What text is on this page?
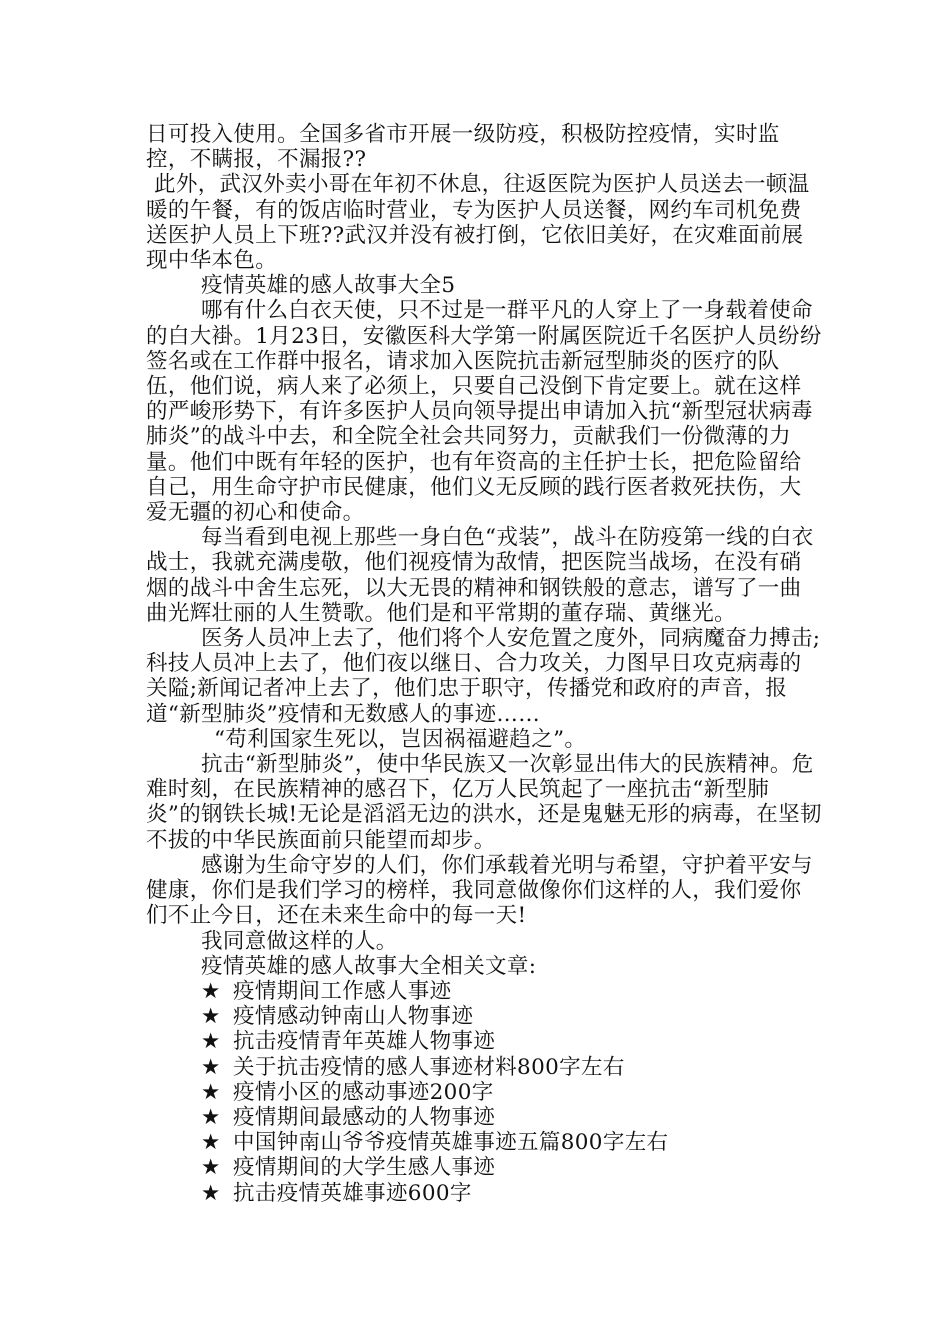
日可投入使用。全国多省市开展一级防疫，积极防控疫情，实时监控，不瞒报，不漏报??

此外，武汉外卖小哥在年初不休息，往返医院为医护人员送去一顿温暖的午餐，有的饭店临时营业，专为医护人员送餐，网约车司机免费送医护人员上下班??武汉并没有被打倒，它依旧美好，在灾难面前展现中华本色。

疫情英雄的感人故事大全5

哪有什么白衣天使，只不过是一群平凡的人穿上了一身载着使命的白大褂。1月23日，安徽医科大学第一附属医院近千名医护人员纷纷签名或在工作群中报名，请求加入医院抗击新冠型肺炎的医疗的队伍，他们说，病人来了必须上，只要自己没倒下肯定要上。就在这样的严峻形势下，有许多医护人员向领导提出申请加入抗“新型冠状病毒肺炎”的战斗中去，和全院全社会共同努力，贡献我们一份微薄的力量。他们中既有年轻的医护，也有年资高的主任护士长，把危险留给自己，用生命守护市民健康，他们义无反顾的践行医者救死扶伤，大爱无疆的初心和使命。

每当看到电视上那些一身白色“戎装”，战斗在防疫第一线的白衣战士，我就充满虔敬，他们视疫情为敌情，把医院当战场，在没有硝烟的战斗中舍生忘死，以大无畏的精神和钢铁般的意志，谱写了一曲曲光辉壮丽的人生赞歌。他们是和平常期的董存瑞、黄继光。

医务人员冲上去了，他们将个人安危置之度外，同病魔奋力搏击;科技人员冲上去了，他们夜以继日、合力攻关，力图早日攻克病毒的关隘;新闻记者冲上去了，他们忠于职守，传播党和政府的声音，报道“新型肺炎”疫情和无数感人的事迹……

“苟利国家生死以，岂因祸福避趋之”。

抗击“新型肺炎”，使中华民族又一次彰显出伟大的民族精神。危难时刻，在民族精神的感召下，亿万人民筑起了一座抗击“新型肺炎”的钢铁长城!无论是滔滔无边的洪水，还是鬼魅无形的病毒，在坚韧不拔的中华民族面前只能望而却步。

感谢为生命守岁的人们，你们承载着光明与希望，守护着平安与健康，你们是我们学习的榜样，我同意做像你们这样的人，我们爱你们不止今日，还在未来生命中的每一天!

我同意做这样的人。

疫情英雄的感人故事大全相关文章:

★ 疫情期间工作感人事迹
★ 疫情感动钟南山人物事迹
★ 抗击疫情青年英雄人物事迹
★ 关于抗击疫情的感人事迹材料800字左右
★ 疫情小区的感动事迹200字
★ 疫情期间最感动的人物事迹
★ 中国钟南山爷爷疫情英雄事迹五篇800字左右
★ 疫情期间的大学生感人事迹
★ 抗击疫情英雄事迹600字
